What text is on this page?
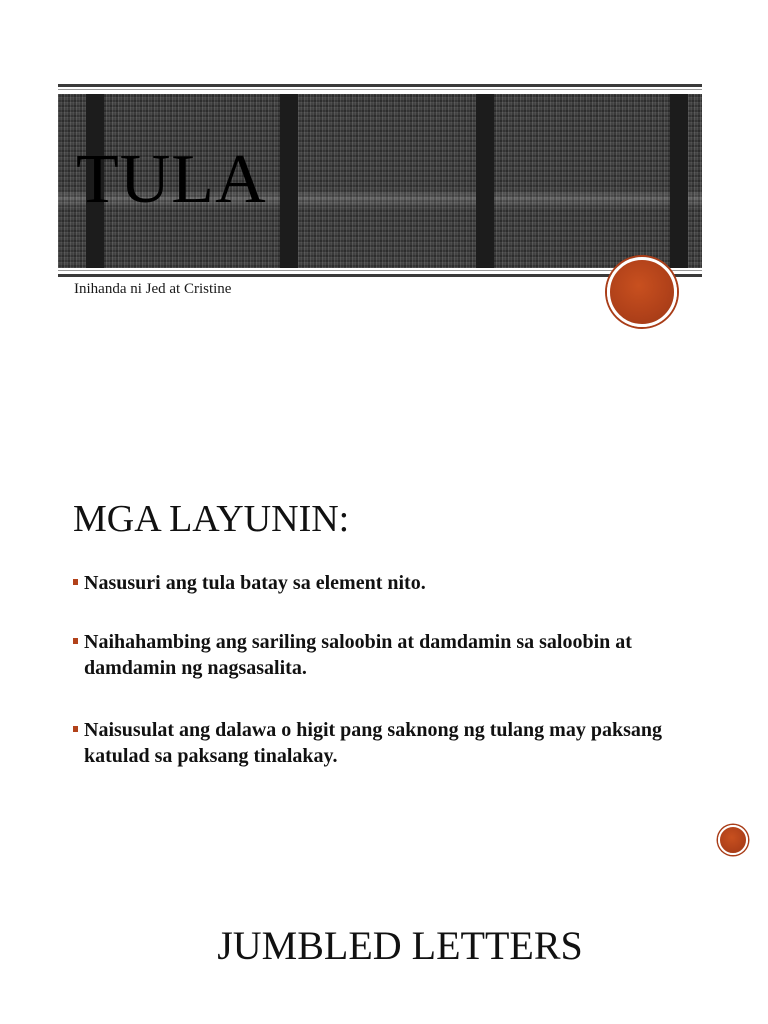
TULA
Inihanda ni Jed at Cristine
MGA LAYUNIN:
Nasusuri ang tula batay sa element nito.
Naihahambing ang sariling saloobin at damdamin sa saloobin at damdamin ng nagsasalita.
Naisusulat ang dalawa o higit pang saknong ng tulang may paksang katulad sa paksang tinalakay.
JUMBLED LETTERS
